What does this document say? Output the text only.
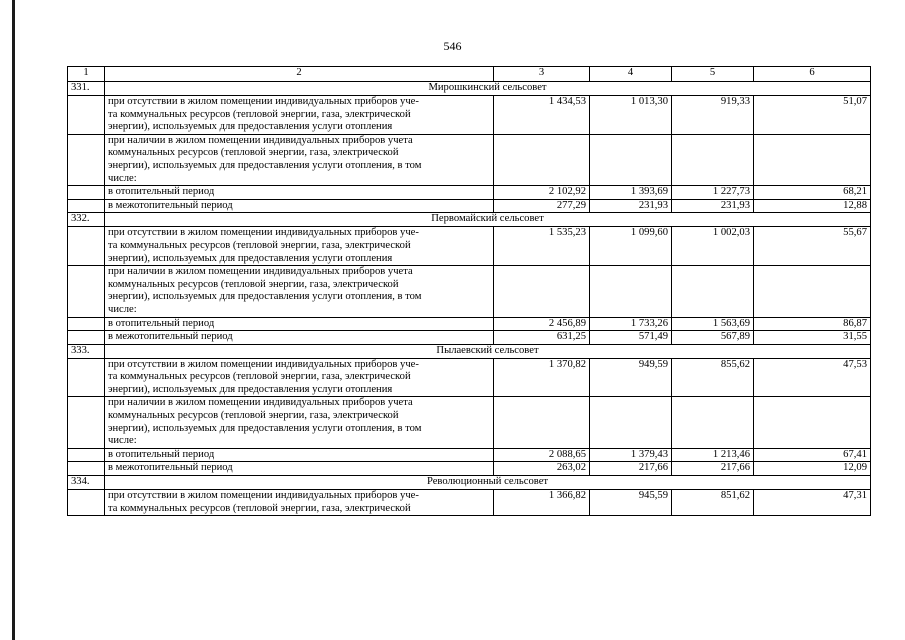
546
1	2	3	4	5	6
331.	Мирошкинский сельсовет				

	при отсутствии в жилом помещении индивидуальных приборов уче-
та коммунальных ресурсов (тепловой энергии, газа, электрической
энергии), используемых для предоставления услуги отопления	1 434,53	1 013,30	919,33	51,07

	при наличии в жилом помещении индивидуальных приборов учета
коммунальных ресурсов (тепловой энергии, газа, электрической
энергии), используемых для предоставления услуги отопления, в том
числе:				

	в отопительный период	2 102,92	1 393,69	1 227,73	68,21

	в межотопительный период	277,29	231,93	231,93	12,88
332.	Первомайский сельсовет				

	при отсутствии в жилом помещении индивидуальных приборов уче-
та коммунальных ресурсов (тепловой энергии, газа, электрической
энергии), используемых для предоставления услуги отопления	1 535,23	1 099,60	1 002,03	55,67

	при наличии в жилом помещении индивидуальных приборов учета
коммунальных ресурсов (тепловой энергии, газа, электрической
энергии), используемых для предоставления услуги отопления, в том
числе:				

	в отопительный период	2 456,89	1 733,26	1 563,69	86,87

	в межотопительный период	631,25	571,49	567,89	31,55
333.	Пылаевский сельсовет				

	при отсутствии в жилом помещении индивидуальных приборов уче-
та коммунальных ресурсов (тепловой энергии, газа, электрической
энергии), используемых для предоставления услуги отопления	1 370,82	949,59	855,62	47,53

	при наличии в жилом помещении индивидуальных приборов учета
коммунальных ресурсов (тепловой энергии, газа, электрической
энергии), используемых для предоставления услуги отопления, в том
числе:				

	в отопительный период	2 088,65	1 379,43	1 213,46	67,41

	в межотопительный период	263,02	217,66	217,66	12,09
334.	Революционный сельсовет				

	при отсутствии в жилом помещении индивидуальных приборов уче-
та коммунальных ресурсов (тепловой энергии, газа, электрической	1 366,82	945,59	851,62	47,31
